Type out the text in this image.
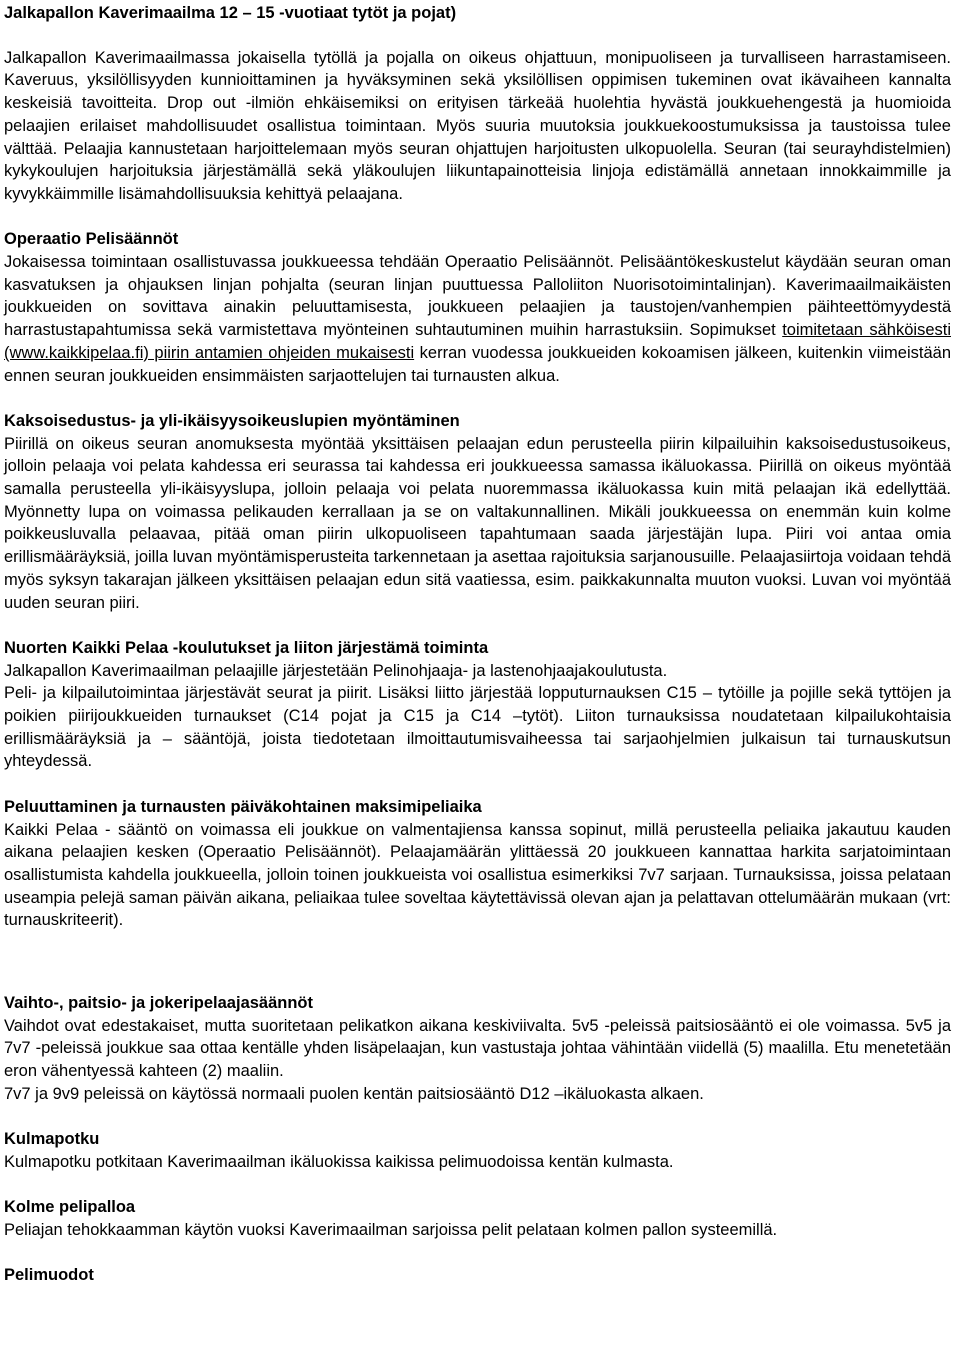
Jalkapallon Kaverimaailma 12 – 15 -vuotiaat tytöt ja pojat)

Jalkapallon Kaverimaailmassa jokaisella tytöllä ja pojalla on oikeus ohjattuun, monipuoliseen ja turvalliseen harrastamiseen. Kaveruus, yksilöllisyyden kunnioittaminen ja hyväksyminen sekä yksilöllisen oppimisen tukeminen ovat ikävaiheen kannalta keskeisiä tavoitteita. Drop out -ilmiön ehkäisemiksi on erityisen tärkeää huolehtia hyvästä joukkuehengestä ja huomioida pelaajien erilaiset mahdollisuudet osallistua toimintaan. Myös suuria muutoksia joukkuekoostumuksissa ja taustoissa tulee välttää. Pelaajia kannustetaan harjoittelemaan myös seuran ohjattujen harjoitusten ulkopuolella. Seuran (tai seurayhdistelmien) kykykoulujen harjoituksia järjestämällä sekä yläkoulujen liikuntapainotteisia linjoja edistämällä annetaan innokkaimmille ja kyvykkäimmille lisämahdollisuuksia kehittyä pelaajana.

Operaatio Pelisäännöt

Jokaisessa toimintaan osallistuvassa joukkueessa tehdään Operaatio Pelisäännöt. Pelisääntökeskustelut käydään seuran oman kasvatuksen ja ohjauksen linjan pohjalta (seuran linjan puuttuessa Palloliiton Nuorisotoimintalinjan). Kaverimaailmaikäisten joukkueiden on sovittava ainakin peluuttamisesta, joukkueen pelaajien ja taustojen/vanhempien päihteettömyydestä harrastustapahtumissa sekä varmistettava myönteinen suhtautuminen muihin harrastuksiin. Sopimukset toimitetaan sähköisesti (www.kaikkipelaa.fi) piirin antamien ohjeiden mukaisesti kerran vuodessa joukkueiden kokoamisen jälkeen, kuitenkin viimeistään ennen seuran joukkueiden ensimmäisten sarjaottelujen tai turnausten alkua.

Kaksoisedustus- ja yli-ikäisyysoikeuslupien myöntäminen

Piirillä on oikeus seuran anomuksesta myöntää yksittäisen pelaajan edun perusteella piirin kilpailuihin kaksoisedustusoikeus, jolloin pelaaja voi pelata kahdessa eri seurassa tai kahdessa eri joukkueessa samassa ikäluokassa. Piirillä on oikeus myöntää samalla perusteella yli-ikäisyyslupa, jolloin pelaaja voi pelata nuoremmassa ikäluokassa kuin mitä pelaajan ikä edellyttää. Myönnetty lupa on voimassa pelikauden kerrallaan ja se on valtakunnallinen. Mikäli joukkueessa on enemmän kuin kolme poikkeusluvalla pelaavaa, pitää oman piirin ulkopuoliseen tapahtumaan saada järjestäjän lupa. Piiri voi antaa omia erillismääräyksiä, joilla luvan myöntämisperusteita tarkennetaan ja asettaa rajoituksia sarjanousuille. Pelaajasiirtoja voidaan tehdä myös syksyn takarajan jälkeen yksittäisen pelaajan edun sitä vaatiessa, esim. paikkakunnalta muuton vuoksi. Luvan voi myöntää uuden seuran piiri.

Nuorten Kaikki Pelaa -koulutukset ja liiton järjestämä toiminta

Jalkapallon Kaverimaailman pelaajille järjestetään Pelinohjaaja- ja lastenohjaajakoulutusta.

Peli- ja kilpailutoimintaa järjestävät seurat ja piirit. Lisäksi liitto järjestää lopputurnauksen C15 – tytöille ja pojille sekä tyttöjen ja poikien piirijoukkueiden turnaukset (C14 pojat ja C15 ja C14 –tytöt). Liiton turnauksissa noudatetaan kilpailukohtaisia erillismääräyksiä ja – sääntöjä, joista tiedotetaan ilmoittautumisvaiheessa tai sarjaohjelmien julkaisun tai turnauskutsun yhteydessä.

Peluuttaminen ja turnausten päiväkohtainen maksimipeliaika

Kaikki Pelaa - sääntö on voimassa eli joukkue on valmentajiensa kanssa sopinut, millä perusteella peliaika jakautuu kauden aikana pelaajien kesken (Operaatio Pelisäännöt). Pelaajamäärän ylittäessä 20 joukkueen kannattaa harkita sarjatoimintaan osallistumista kahdella joukkueella, jolloin toinen joukkueista voi osallistua esimerkiksi 7v7 sarjaan. Turnauksissa, joissa pelataan useampia pelejä saman päivän aikana, peliaikaa tulee soveltaa käytettävissä olevan ajan ja pelattavan ottelumäärän mukaan (vrt: turnauskriteerit).

Vaihto-, paitsio- ja jokeripelaajasäännöt

Vaihdot ovat edestakaiset, mutta suoritetaan pelikatkon aikana keskiviivalta. 5v5 -peleissä paitsiosääntö ei ole voimassa. 5v5 ja 7v7 -peleissä joukkue saa ottaa kentälle yhden lisäpelaajan, kun vastustaja johtaa vähintään viidellä (5) maalilla. Etu menetetään eron vähentyessä kahteen (2) maaliin.

7v7 ja 9v9 peleissä on käytössä normaali puolen kentän paitsiosääntö D12 –ikäluokasta alkaen.

Kulmapotku

Kulmapotku potkitaan Kaverimaailman ikäluokissa kaikissa pelimuodoissa kentän kulmasta.

Kolme pelipalloa

Peliajan tehokkaamman käytön vuoksi Kaverimaailman sarjoissa pelit pelataan kolmen pallon systeemillä.

Pelimuodot
